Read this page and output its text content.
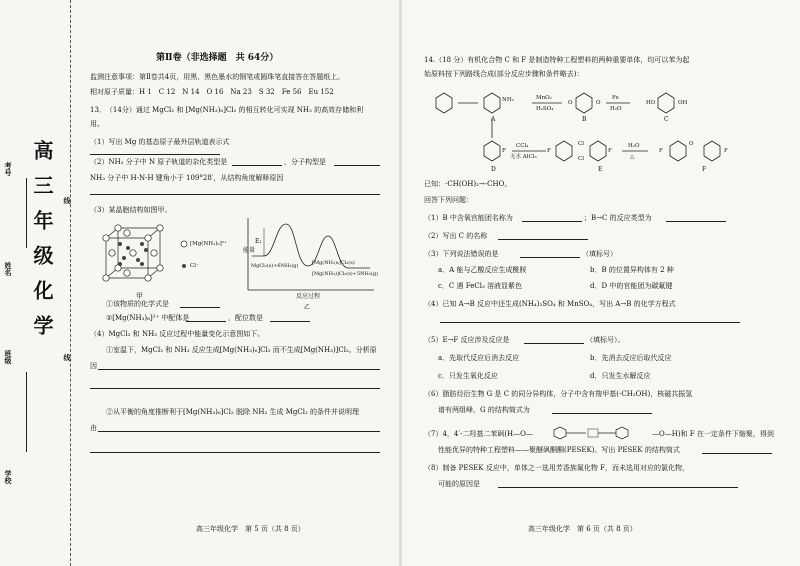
学校
班级
姓名
考号 高 三 年 级 化 学	线
线
第Ⅱ卷（非选择题　共 64分）
监测注意事项：第Ⅱ卷共4页，用黑、黑色墨水的钢笔或圆珠笔直接答在答题纸上。
相对原子质量：H 1　C 12　N 14　O 16　Na 23　S 32　Fe 56　Eu 152
13．　（14分）通过 MgCl₂ 和 [Mg(NH₃)₆]Cl₂ 的相互转化可实现 NH₃ 的高效存储和利
用。
（1）写出 Mg 的基态原子最外层轨道表示式
（2）NH₃ 分子中 N 原子轨道的杂化类型是	，分子构型是
NH₃ 分子中 H-N-H 键角小于 109°28′，从结构角度解释原因
（3）某晶胞结构如图甲。
[Mg(NH₃)₆]²⁺
Cl⁻
甲
能量
E₁
MgCl₂(s)+6NH₃(g)	[Mg(NH₃)₆]Cl₂(s)
[Mg(NH₃)]Cl₂(s)+5NH₃(g)
反应过程
乙
①该物质的化学式是
②[Mg(NH₃)₆]²⁺ 中配体是	，配位数是
（4）MgCl₂ 和 NH₃ 反应过程中能量变化示意图如下。
①室温下，MgCl₂ 和 NH₃ 反应生成[Mg(NH₃)₆]Cl₂ 而不生成[Mg(NH₃)]Cl₂。分析原
因
②从平衡的角度推断利于[Mg(NH₃)₆]Cl₂ 脱除 NH₃ 生成 MgCl₂ 的条件并说明理
由
高三年级化学　第 5 页（共 8 页）
14.（18 分）有机化合物 C 和 F 是制造特种工程塑料的两种重要单体，均可以苯为起
始原料按下列路线合成(部分反应步骤和条件略去)：
NH₂	MnO₂
H₂SO₄
O	O
Fe
H₂O
HO	OH
A	B	C
F
CCl₄
无水 AlCl₃
F
Cl
Cl
F
H₂O
△
F
O
F
D	E	F
已知：-CH(OH)₂→-CHO。
回答下列问题：
（1）B 中含氧官能团名称为	；B→C 的反应类型为
（2）写出 C 的名称
（3）下列说法错误的是	（填标号）
a．A 能与乙酸反应生成酰胺	b．B 的位置异构体有 2 种
c．C 遇 FeCl₃ 溶液显紫色	d．D 中的官能团为碳氟键
（4）已知 A→B 反应中还生成(NH₄)₂SO₄ 和 MnSO₄，写出 A→B 的化学方程式
（5）E→F 反应涉及反应是	（填标号）。
a．先取代反应后消去反应	b．先消去反应后取代反应
c．只发生氧化反应	d．只发生水解反应
（6）脂肪烃衍生物 G 是 C 的同分异构体，分子中含有羧甲基(-CH₂OH)，核磁共振氢
谱有两组峰，G 的结构简式为
（7）4，4′-二羟基二苯砜(H—O—	—O—H)和 F 在一定条件下缩聚，得到
性能优异的特种工程塑料——聚醚砜酮酮(PESEK)。写出 PESEK 的结构简式
（8）制备 PESEK 反应中，单体之一选用芳香族氟化物 F，而未选用对应的氯化物，
可能的原因是
高三年级化学　第 6 页（共 8 页）
